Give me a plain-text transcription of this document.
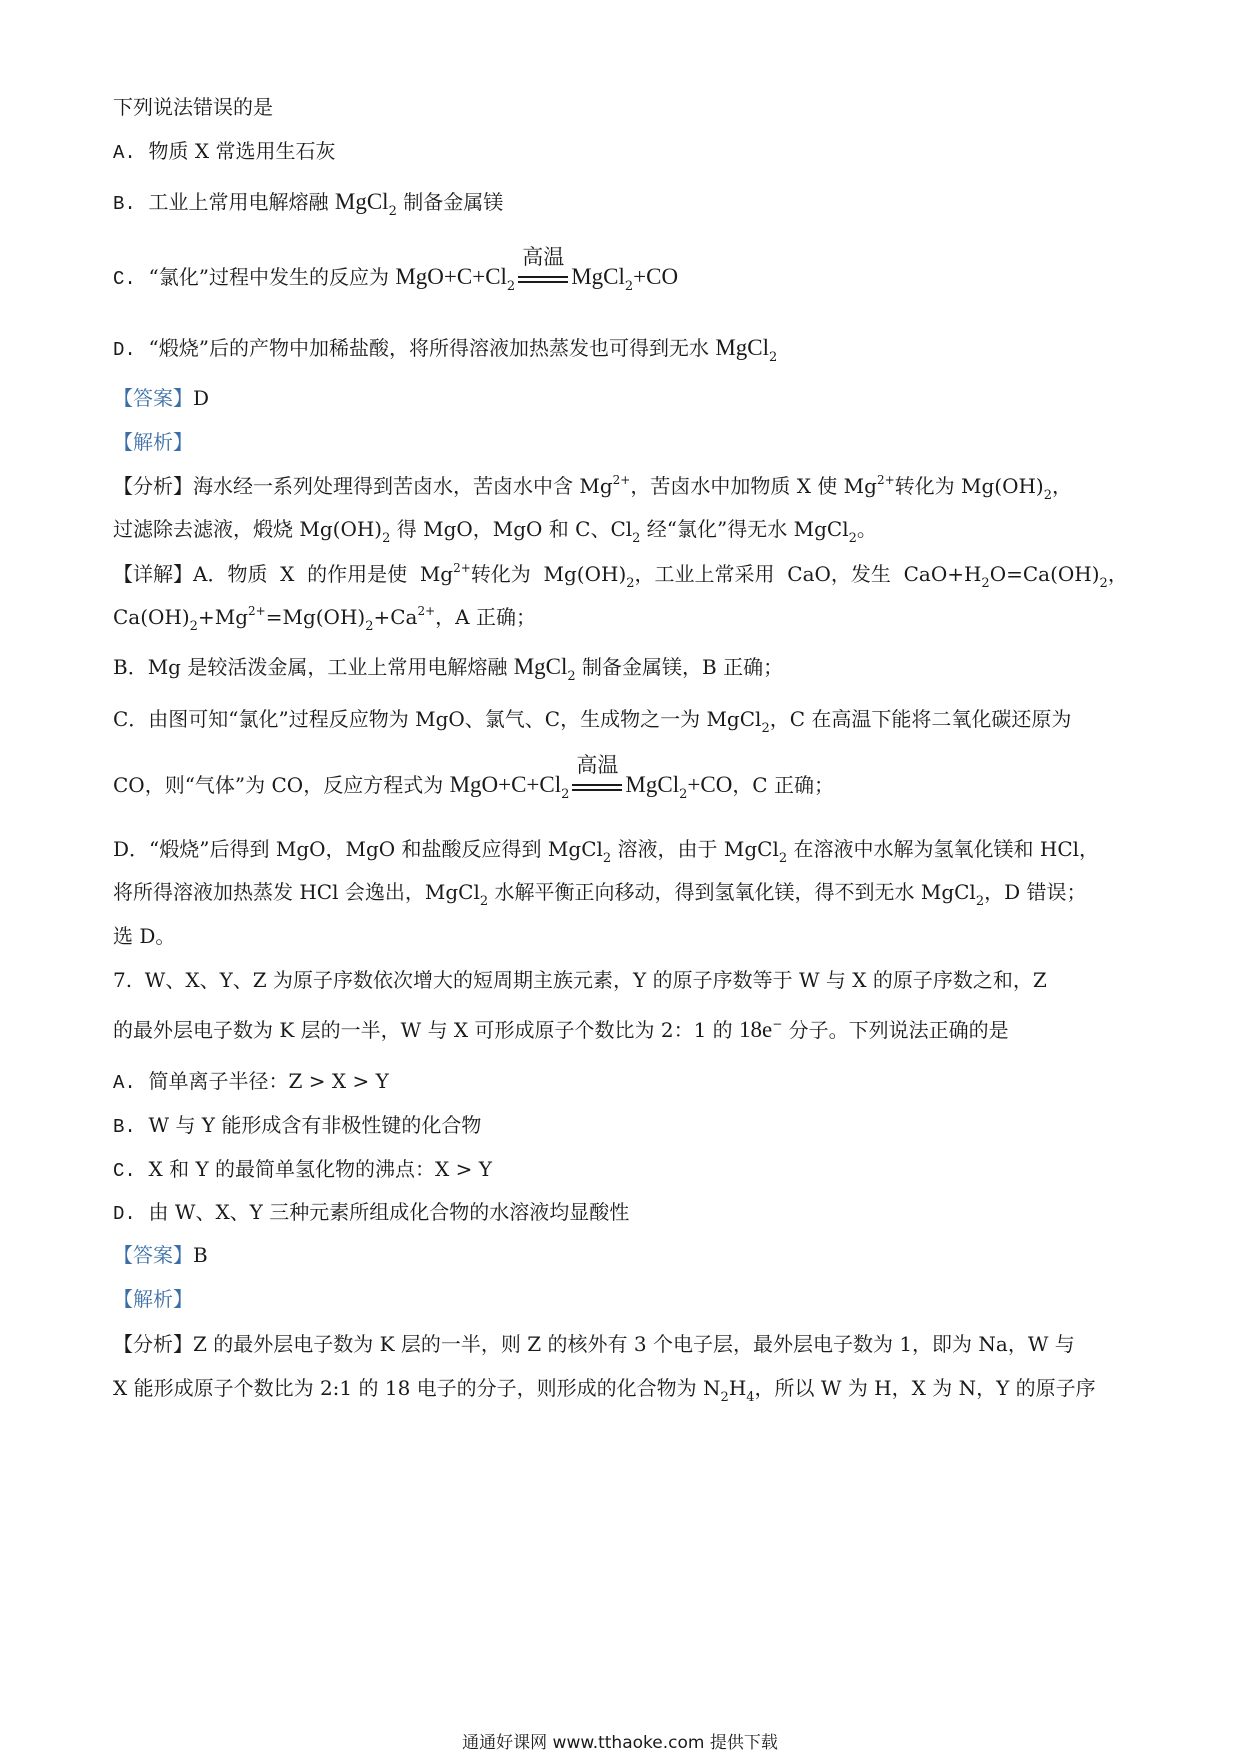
下列说法错误的是
A. 物质 X 常选用生石灰
B. 工业上常用电解熔融 MgCl$_2$ 制备金属镁
C. “氯化”过程中发生的反应为 $MgO+C+Cl_2$
高温
MgCl$_2$+CO
D. “煅烧”后的产物中加稀盐酸，将所得溶液加热蒸发也可得到无水 MgCl$_2$
【答案】D
【解析】
【分析】海水经一系列处理得到苦卤水，苦卤水中含 $Mg^{2+}$，苦卤水中加物质 X 使 $Mg^{2+}$转化为 $Mg(OH)_2$，
过滤除去滤液，煅烧 $Mg(OH)_2$ 得 MgO，MgO 和 C、$Cl_2$ 经“氯化”得无水 MgCl$_2$。
【详解】A．物质  X  的作用是使  $Mg^{2+}$转化为  $Mg(OH)_2$，工业上常采用  CaO，发生  $CaO+H_2O=Ca(OH)_2$，
$Ca(OH)_2+Mg^{2+}=Mg(OH)_2+Ca^{2+}$，A 正确；
B．Mg 是较活泼金属，工业上常用电解熔融 MgCl$_2$ 制备金属镁，B 正确；
C．由图可知“氯化”过程反应物为 MgO、氯气、C，生成物之一为 MgCl$_2$，C 在高温下能将二氧化碳还原为
CO，则“气体”为 CO，反应方程式为 $MgO+C+Cl_2$
高温
MgCl$_2$+CO，C 正确；
D．“煅烧”后得到 MgO，MgO 和盐酸反应得到 MgCl$_2$ 溶液，由于 MgCl$_2$ 在溶液中水解为氢氧化镁和 HCl，
将所得溶液加热蒸发 HCl 会逸出，MgCl$_2$ 水解平衡正向移动，得到氢氧化镁，得不到无水 MgCl$_2$，D 错误；
选 D。
7.  W、X、Y、Z 为原子序数依次增大的短周期主族元素，Y 的原子序数等于 W 与 X 的原子序数之和，Z
的最外层电子数为 K 层的一半，W 与 X 可形成原子个数比为 2：1 的 18e− 分子。下列说法正确的是
A. 简单离子半径：Z > X > Y
B. W 与 Y 能形成含有非极性键的化合物
C. X 和 Y 的最简单氢化物的沸点：X > Y
D. 由 W、X、Y 三种元素所组成化合物的水溶液均显酸性
【答案】B
【解析】
【分析】Z 的最外层电子数为 K 层的一半，则 Z 的核外有 3 个电子层，最外层电子数为 1，即为 Na，W 与
X 能形成原子个数比为 2:1 的 18 电子的分子，则形成的化合物为 $N_2H_4$，所以 W 为 H，X 为 N，Y 的原子序
通通好课网 www.tthaoke.com 提供下载
